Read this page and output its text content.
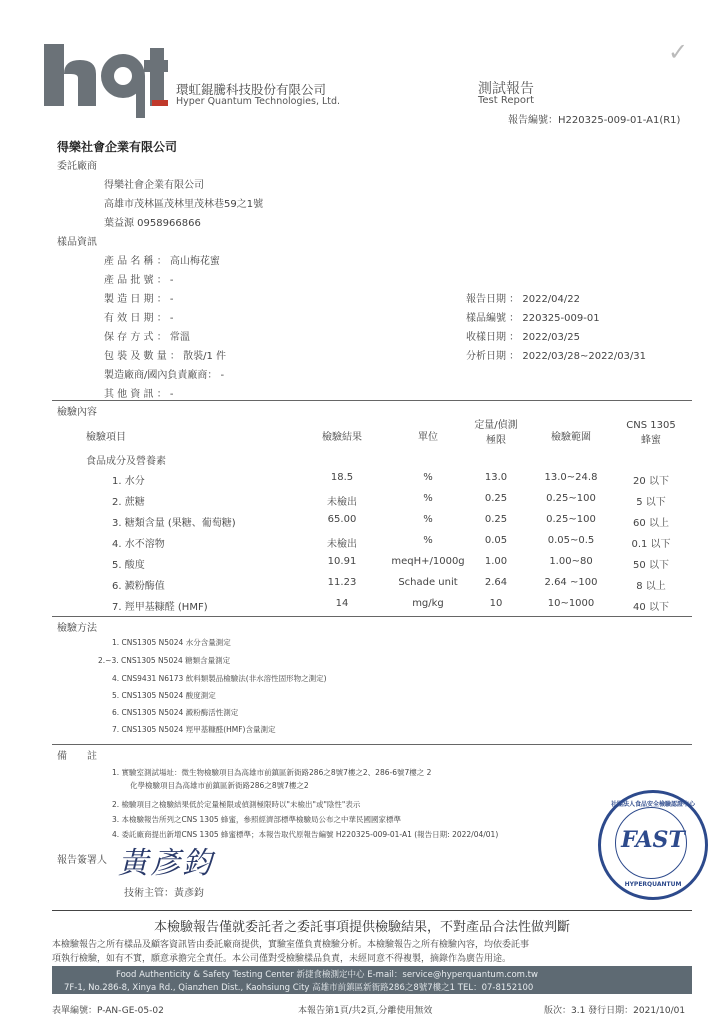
環虹錕騰科技股份有限公司
Hyper Quantum Technologies, Ltd.
測試報告
Test Report
報告編號：H220325-009-01-A1(R1)
✓
得樂社會企業有限公司
委託廠商
得樂社會企業有限公司
高雄市茂林區茂林里茂林巷59之1號
葉益源 0958966866
樣品資訊
產 品 名 稱 ： 高山梅花蜜
產 品 批 號 ： -
製 造 日 期 ： -
有 效 日 期 ： -
保 存 方 式 ： 常溫
包 裝 及 數 量 ： 散裝/1 件
製造廠商/國內負責廠商： -
其 他 資 訊 ： -
報告日期 ： 2022/04/22
樣品編號 ： 220325-009-01
收樣日期 ： 2022/03/25
分析日期 ： 2022/03/28~2022/03/31
檢驗內容
檢驗項目	檢驗結果	單位
定量/偵測
極限	檢驗範圍
CNS 1305
蜂蜜
食品成分及營養素
1. 水分	18.5	%	13.0	13.0~24.8	20 以下
2. 蔗糖	未檢出	%	0.25	0.25~100	5 以下
3. 糖類含量 (果糖、葡萄糖)	65.00	%	0.25	0.25~100	60 以上
4. 水不溶物	未檢出	%	0.05	0.05~0.5	0.1 以下
5. 酸度	10.91	meqH+/1000g	1.00	1.00~80	50 以下
6. 澱粉酶值	11.23	Schade unit	2.64	2.64 ~100	8 以上
7. 羥甲基糠醛 (HMF)	14	mg/kg	10	10~1000	40 以下
檢驗方法
1. CNS1305 N5024 水分含量測定
2.~3. CNS1305 N5024 糖類含量測定
4. CNS9431 N6173 飲料類製品檢驗法(非水溶性固形物之測定)
5. CNS1305 N5024 酸度測定
6. CNS1305 N5024 澱粉酶活性測定
7. CNS1305 N5024 羥甲基糠醛(HMF)含量測定
備　　註
1. 實驗室測試場址：微生物檢驗項目為高雄市前鎮區新衙路286之8號7樓之2、286-6號7樓之 2
化學檢驗項目為高雄市前鎮區新衙路286之8號7樓之2
2. 檢驗項目之檢驗結果低於定量極限或偵測極限時以"未檢出"或"陰性"表示
3. 本檢驗報告所列之CNS 1305 蜂蜜，參照經濟部標準檢驗局公布之中華民國國家標準
4. 委託廠商提出新增CNS 1305 蜂蜜標準；本報告取代原報告編號 H220325-009-01-A1 (報告日期: 2022/04/01)
報告簽署人 黃彥鈞
技術主管：黃彥鈞
社團法人食品安全檢驗認證中心
FAST
HYPERQUANTUM
本檢驗報告僅就委託者之委託事項提供檢驗結果，不對產品合法性做判斷
本檢驗報告之所有樣品及顧客資訊皆由委託廠商提供，實驗室僅負責檢驗分析。本檢驗報告之所有檢驗內容，均依委託事
項執行檢驗，如有不實，願意承擔完全責任。本公司僅對受檢驗樣品負責，未經同意不得複製，摘錄作為廣告用途。
Food Authenticity & Safety Testing Center 新捷食檢測定中心 E-mail：service@hyperquantum.com.tw
7F-1, No.286-8, Xinya Rd., Qianzhen Dist., Kaohsiung City 高雄市前鎮區新衙路286之8號7樓之1 TEL：07-8152100
表單編號：P-AN-GE-05-02	本報告第1頁/共2頁,分離使用無效	版次：3.1 發行日期：2021/10/01
